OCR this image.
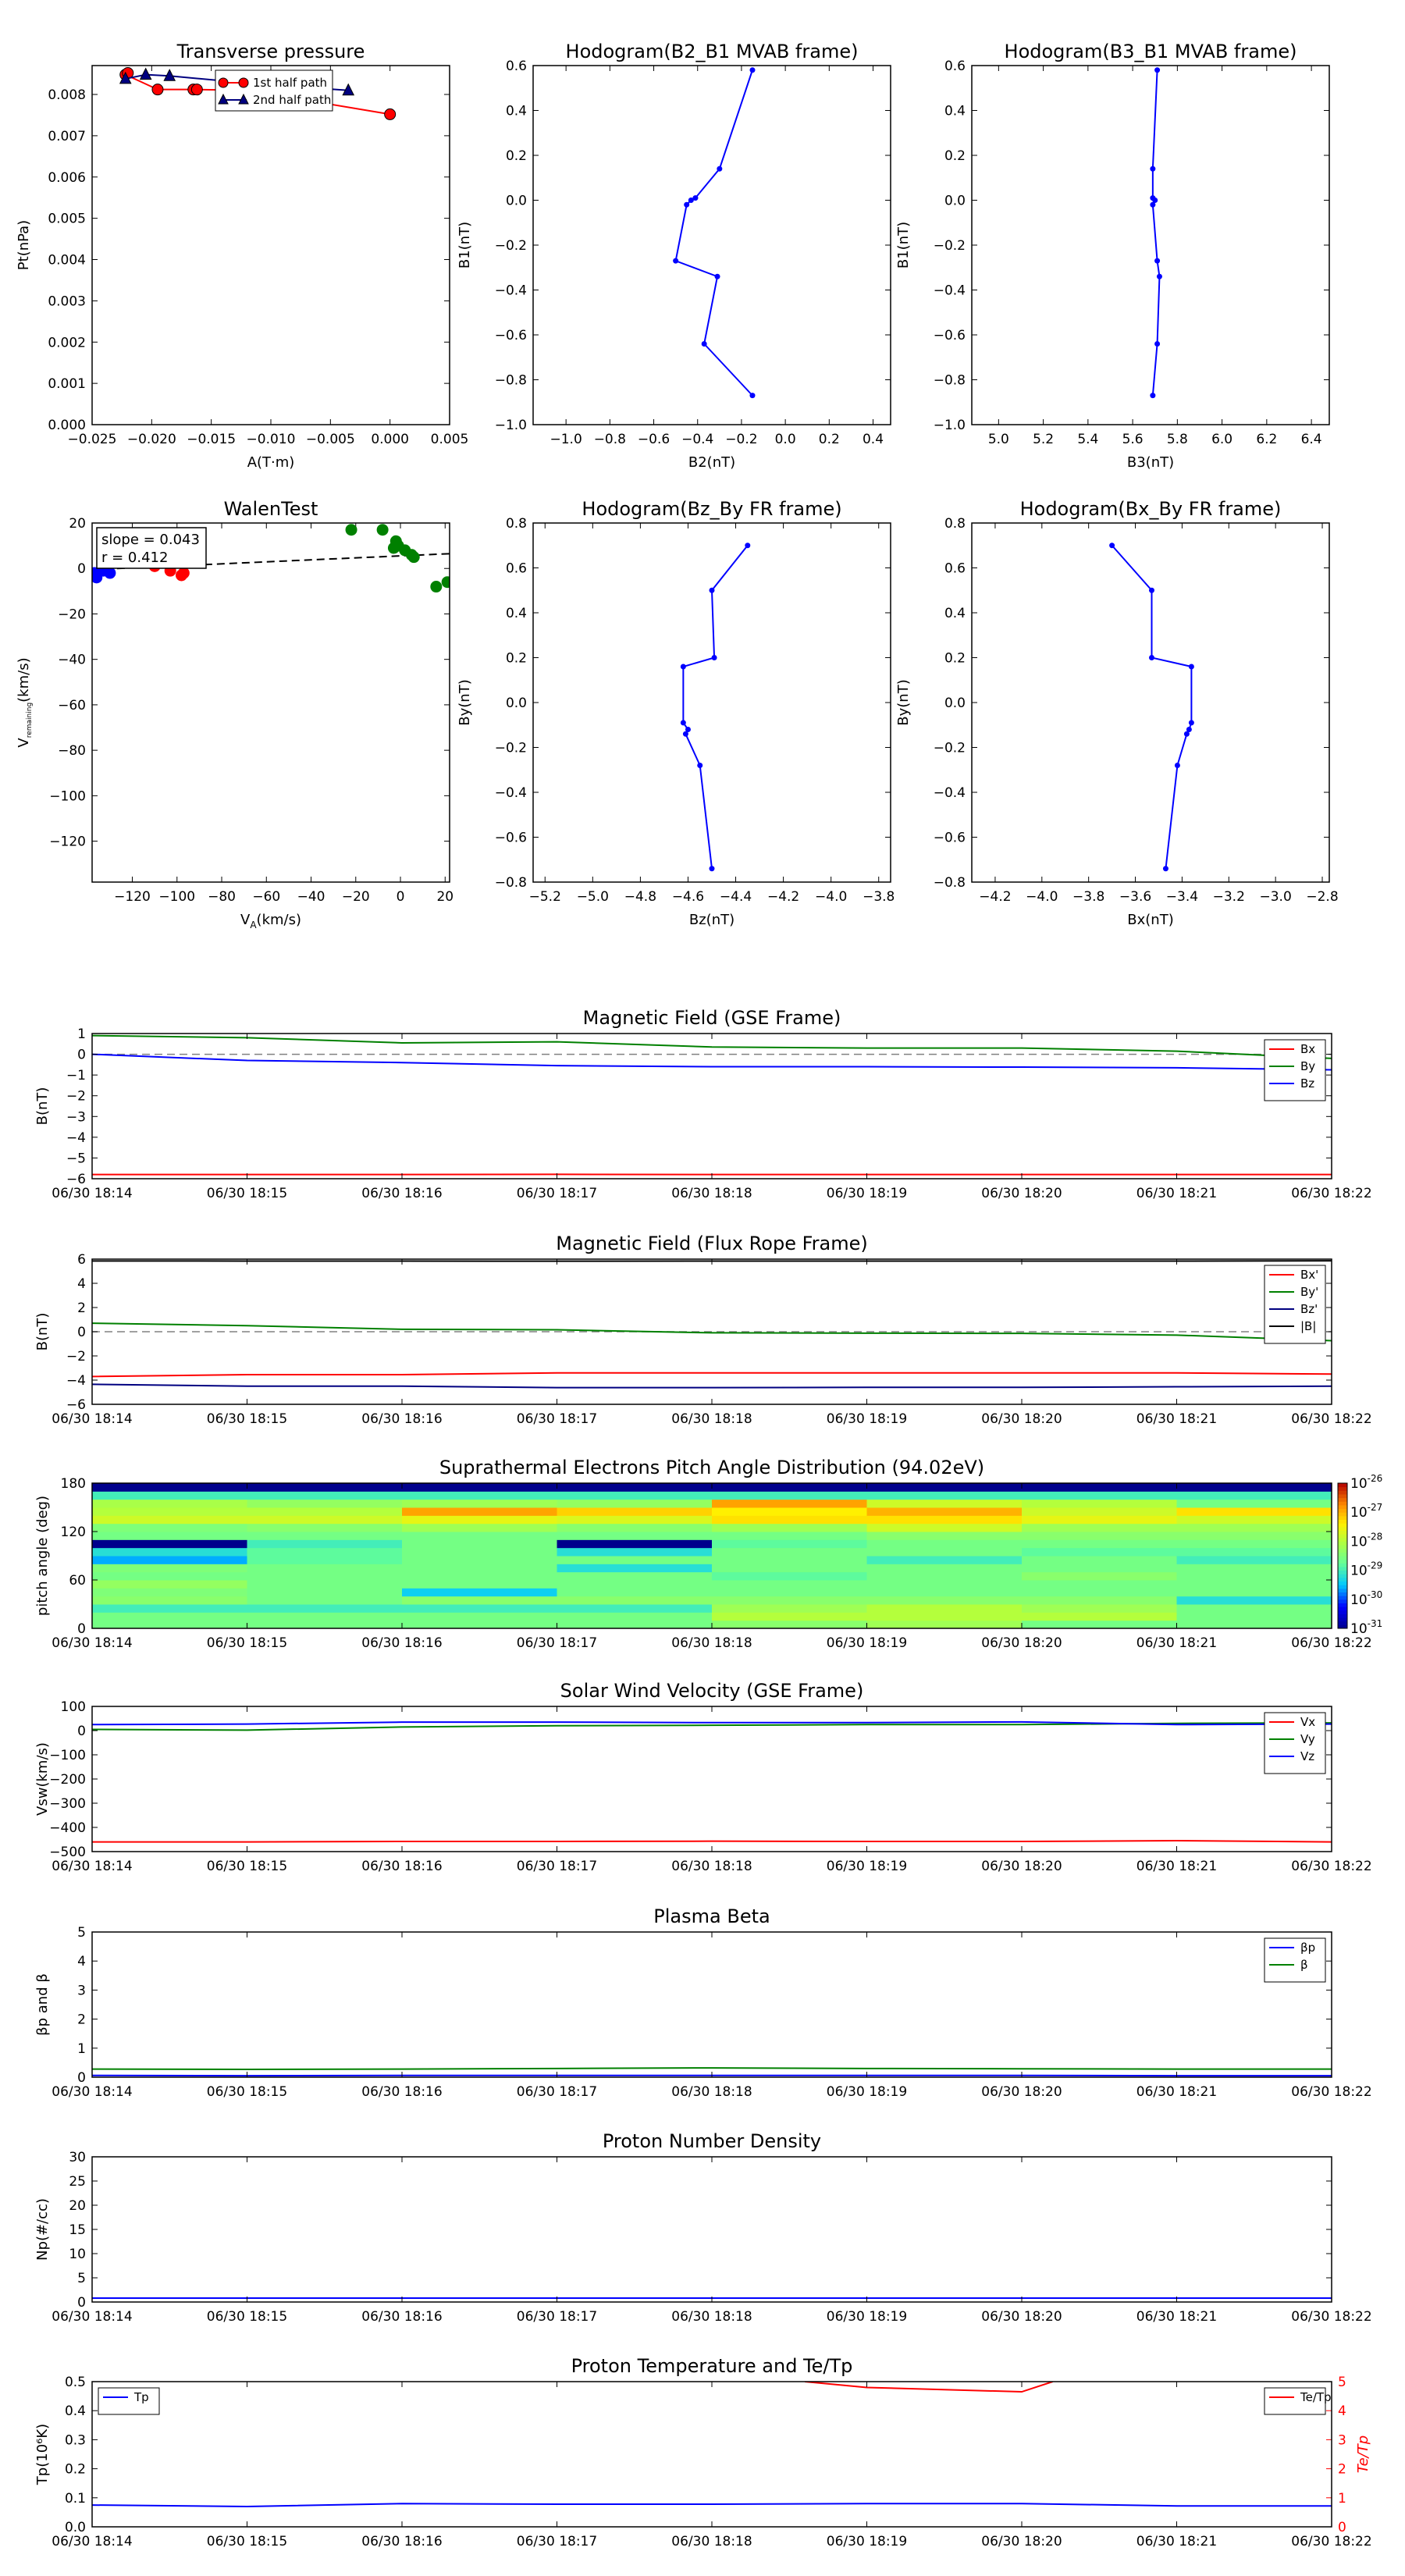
Transverse pressure
−0.025 −0.020 −0.015 −0.010 −0.005 0.000 0.005
0.000
0.001
0.002
0.003
0.004
0.005
0.006
0.007
0.008
A(T·m)
Pt(nPa)
1st half path
2nd half path
Hodogram(B2_B1 MVAB frame)
−1.0 −0.8 −0.6 −0.4 −0.2 0.0 0.2 0.4
−1.0
−0.8
−0.6
−0.4
−0.2
0.0
0.2
0.4
0.6
B2(nT)
B1(nT)
Hodogram(B3_B1 MVAB frame)
5.0 5.2 5.4 5.6 5.8 6.0 6.2 6.4
−1.0
−0.8
−0.6
−0.4
−0.2
0.0
0.2
0.4
0.6
B3(nT)
B1(nT)
WalenTest
−120 −100 −80 −60 −40 −20 0 20
−120
−100
−80
−60
−40
−20
0
20
$V_A(km/s)$
$V_{remaining}(km/s)$
slope = 0.043
r = 0.412
Hodogram(Bz_By FR frame)
−5.2 −5.0 −4.8 −4.6 −4.4 −4.2 −4.0 −3.8
−0.8
−0.6
−0.4
−0.2
0.0
0.2
0.4
0.6
0.8
Bz(nT)
By(nT)
Hodogram(Bx_By FR frame)
−4.2 −4.0 −3.8 −3.6 −3.4 −3.2 −3.0 −2.8
−0.8
−0.6
−0.4
−0.2
0.0
0.2
0.4
0.6
0.8
Bx(nT)
By(nT)
Magnetic Field (GSE Frame)
1
0
−1
−2
−3
−4
−5
−6
06/30 18:14	06/30 18:15	06/30 18:16	06/30 18:17	06/30 18:18	06/30 18:19	06/30 18:20	06/30 18:21	06/30 18:22
B(nT)
Bx
By
Bz
Magnetic Field (Flux Rope Frame)
6
4
2
0
−2
−4
−6
06/30 18:14	06/30 18:15	06/30 18:16	06/30 18:17	06/30 18:18	06/30 18:19	06/30 18:20	06/30 18:21	06/30 18:22
B(nT)
Bx'
By'
Bz'
|B|
Suprathermal Electrons Pitch Angle Distribution (94.02eV)
$10^{-26}$
$10^{-27}$
$10^{-28}$
$10^{-29}$
$10^{-30}$
$10^{-31}$
180
120
60
0
06/30 18:14	06/30 18:15	06/30 18:16	06/30 18:17	06/30 18:18	06/30 18:19	06/30 18:20	06/30 18:21	06/30 18:22
pitch angle (deg)
Solar Wind Velocity (GSE Frame)
100
0
−100
−200
−300
−400
−500
06/30 18:14	06/30 18:15	06/30 18:16	06/30 18:17	06/30 18:18	06/30 18:19	06/30 18:20	06/30 18:21	06/30 18:22
Vsw(km/s)
Vx
Vy
Vz
Plasma Beta
5
4
3
2
1
0
06/30 18:14	06/30 18:15	06/30 18:16	06/30 18:17	06/30 18:18	06/30 18:19	06/30 18:20	06/30 18:21	06/30 18:22
βp and β
βp
β
Proton Number Density
30
25
20
15
10
5
0
06/30 18:14	06/30 18:15	06/30 18:16	06/30 18:17	06/30 18:18	06/30 18:19	06/30 18:20	06/30 18:21	06/30 18:22
Np(#/cc)
Proton Temperature and Te/Tp
5
4
3
2
1
0
Te/Tp
0.5
0.4
0.3
0.2
0.1
0.0
06/30 18:14	06/30 18:15	06/30 18:16	06/30 18:17	06/30 18:18	06/30 18:19	06/30 18:20	06/30 18:21	06/30 18:22
Tp(10⁶K)
Tp	Te/Tp
